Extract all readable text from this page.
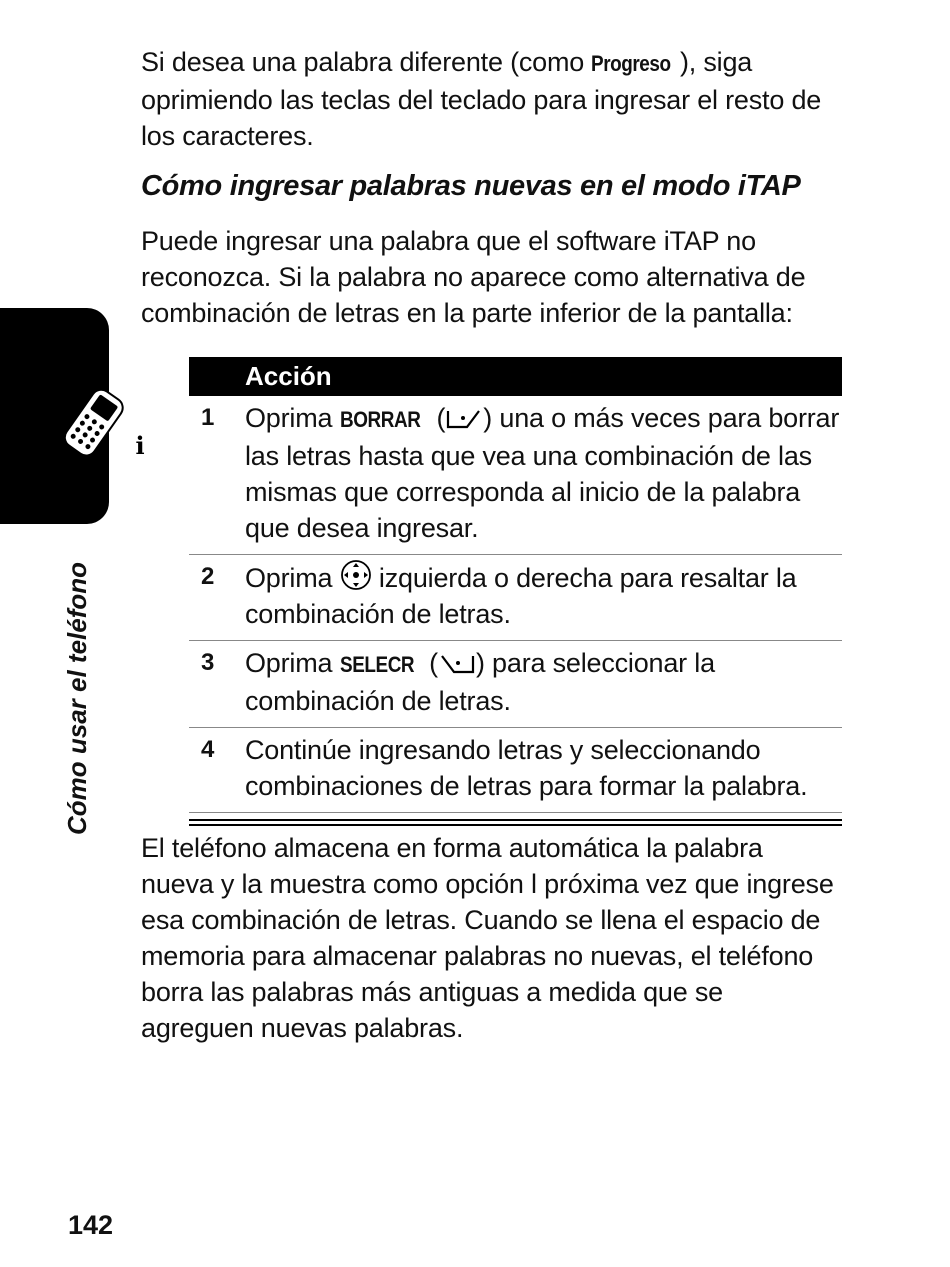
Si desea una palabra diferente (como Progreso ), siga oprimiendo las teclas del teclado para ingresar el resto de los caracteres.
Cómo ingresar palabras nuevas en el modo iTAP
Puede ingresar una palabra que el software iTAP no reconozca. Si la palabra no aparece como alternativa de combinación de letras en la parte inferior de la pantalla:
i
Cómo usar el teléfono
Acción
1	Oprima BORRAR ( ) una o más veces para borrar las letras hasta que vea una combinación de las mismas que corresponda al inicio de la palabra que desea ingresar.
2	Oprima  izquierda o derecha para resaltar la combinación de letras.
3	Oprima SELECR ( ) para seleccionar la combinación de letras.
4	Continúe ingresando letras y seleccionando combinaciones de letras para formar la palabra.
El teléfono almacena en forma automática la palabra nueva y la muestra como opción l próxima vez que ingrese esa combinación de letras. Cuando se llena el espacio de memoria para almacenar palabras no nuevas, el teléfono borra las palabras más antiguas a medida que se agreguen nuevas palabras.
142
